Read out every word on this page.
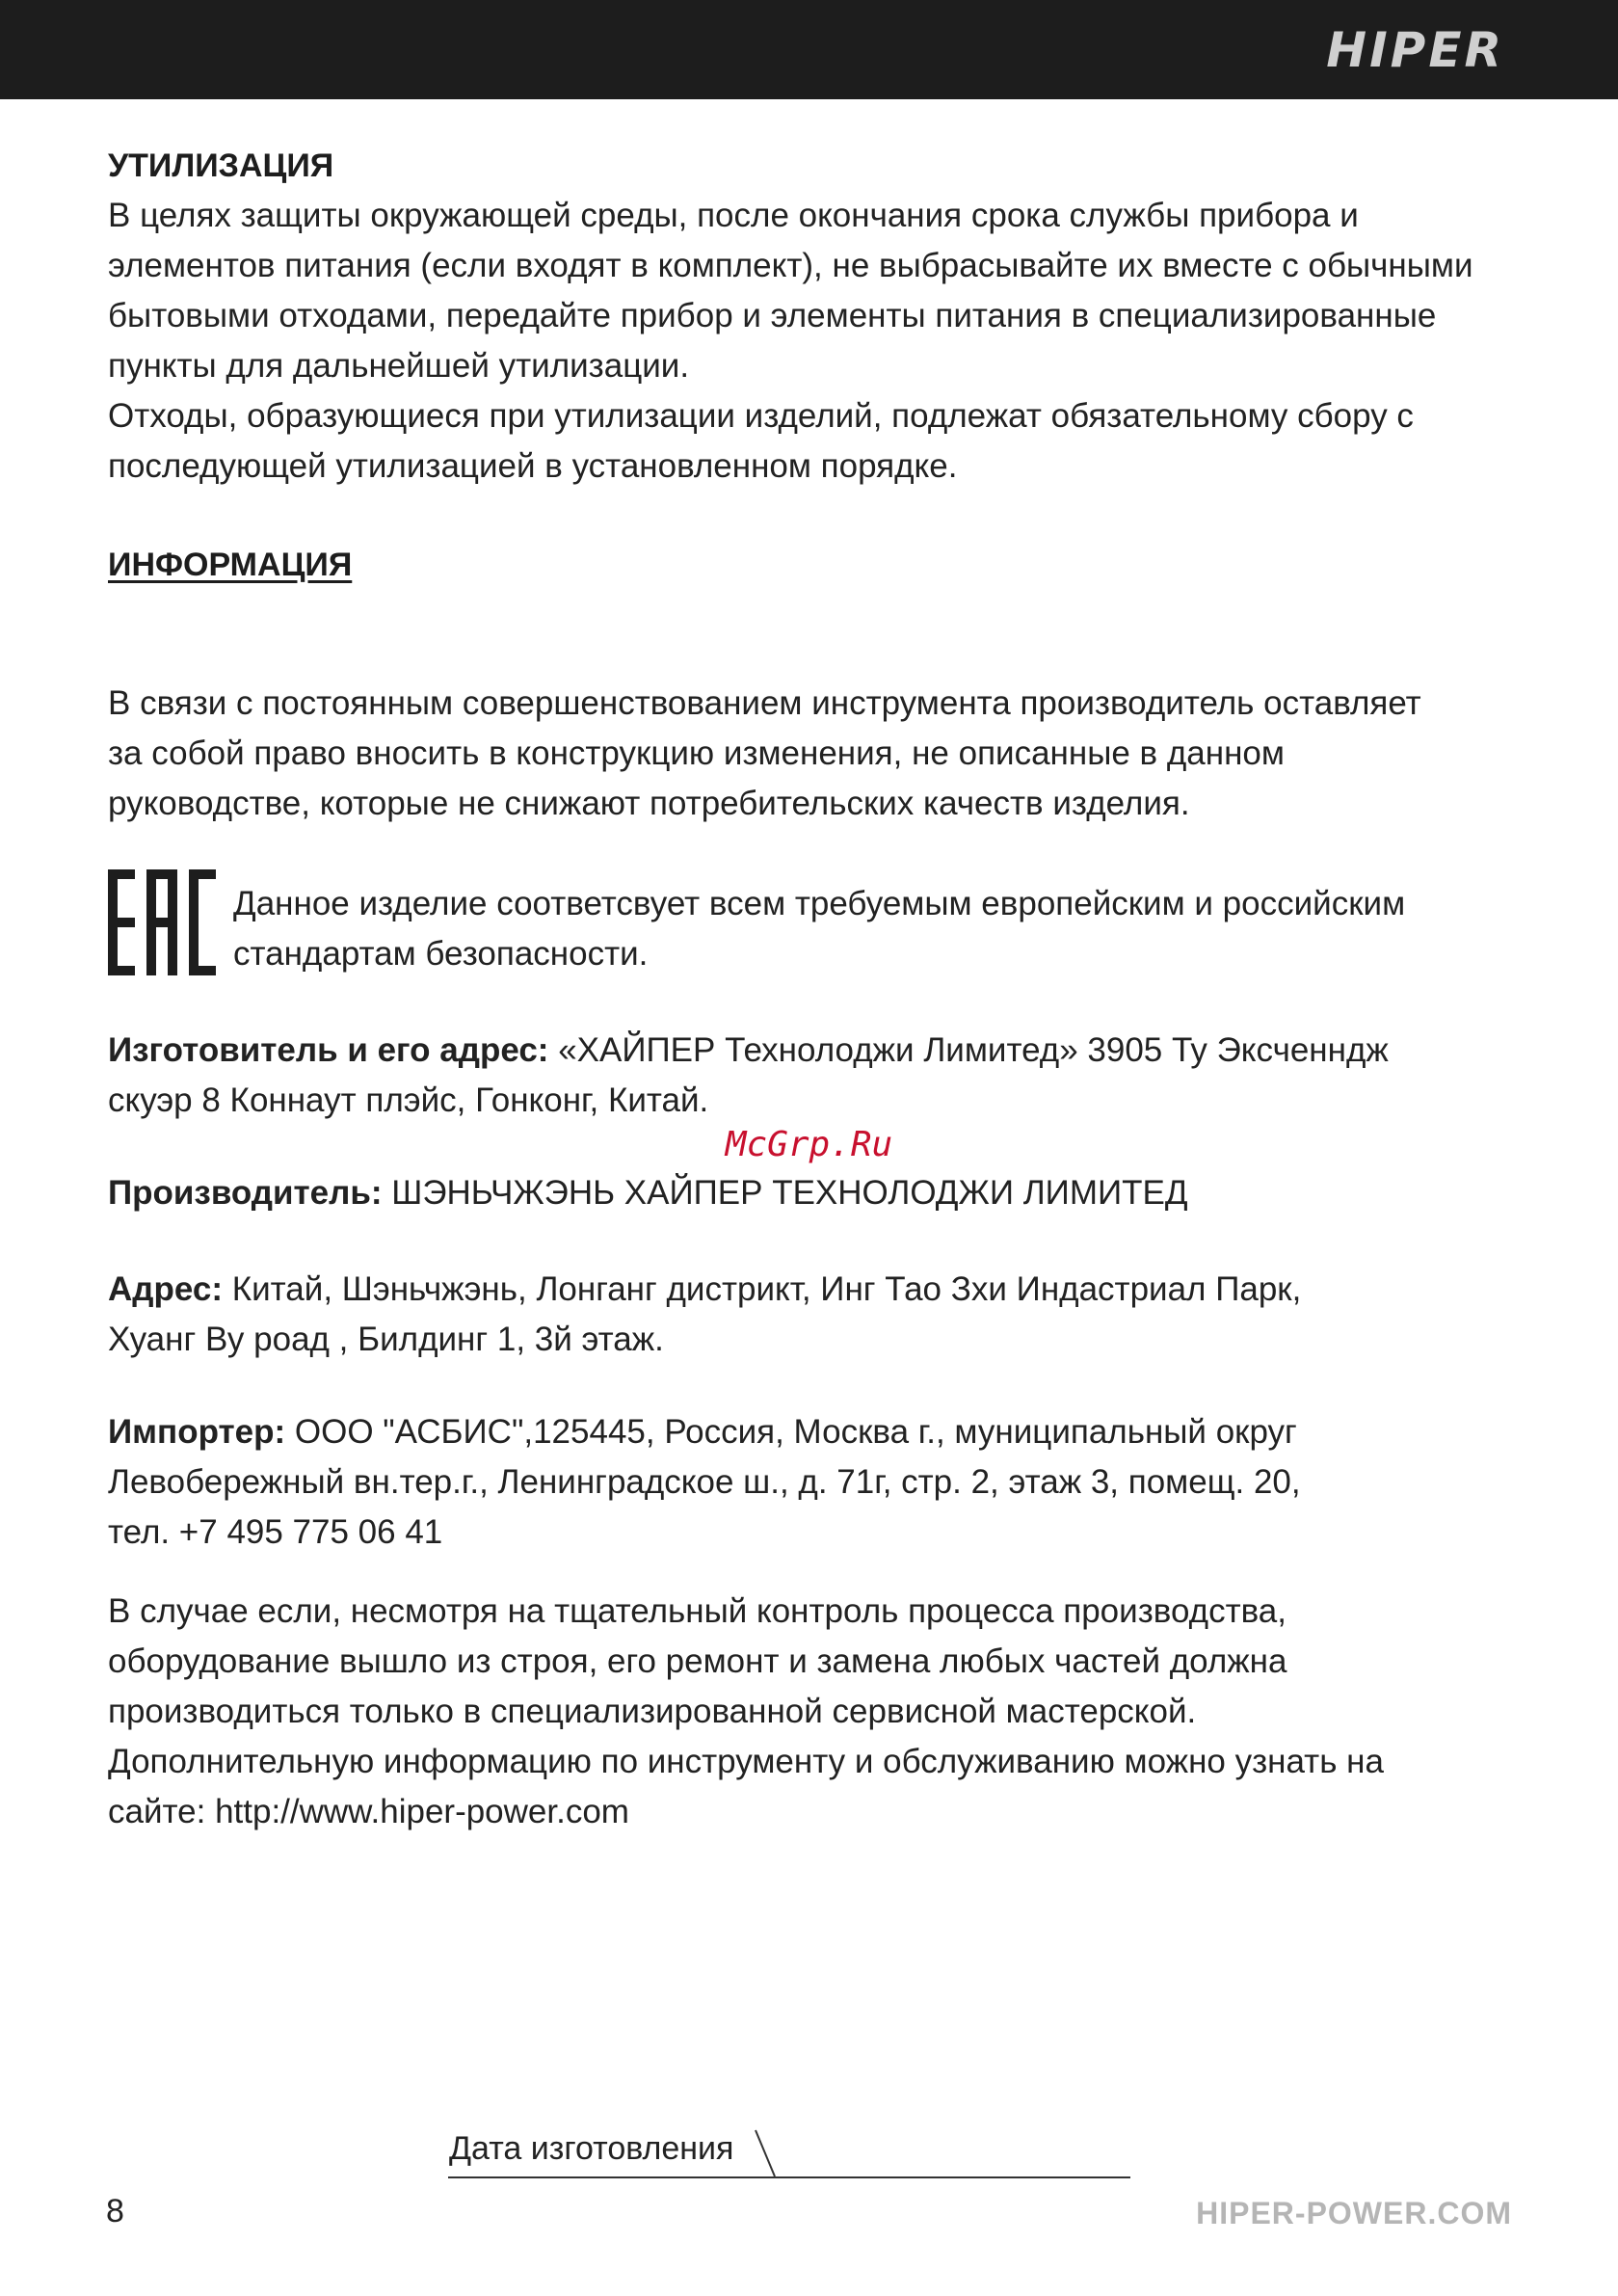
HIPER

УТИЛИЗАЦИЯ

В целях защиты окружающей среды, после окончания срока службы прибора и

элементов питания (если входят в комплект), не выбрасывайте их вместе с обычными

бытовыми отходами, передайте прибор и элементы питания в специализированные

пункты для дальнейшей утилизации.

Отходы, образующиеся при утилизации изделий, подлежат обязательному сбору с

последующей утилизацией в установленном порядке.

ИНФОРМАЦИЯ

В связи с постоянным совершенствованием инструмента производитель оставляет

за собой право вносить в конструкцию изменения, не описанные в данном

руководстве, которые не снижают потребительских качеств изделия.

Данное изделие соответсвует всем требуемым европейским и российским

стандартам безопасности.

Изготовитель и его адрес: «ХАЙПЕР Технолоджи Лимитед» 3905 Ту Эксченндж

скуэр 8 Коннаут плэйс, Гонконг, Китай.

McGrp.Ru

Производитель: ШЭНЬЧЖЭНЬ ХАЙПЕР ТЕХНОЛОДЖИ ЛИМИТЕД

Адрес: Китай, Шэньчжэнь, Лонганг дистрикт, Инг Тао Зхи Индастриал Парк,

Хуанг Ву роад , Билдинг 1, 3й этаж.

Импортер: ООО "АСБИС",125445, Россия, Москва г., муниципальный округ

Левобережный вн.тер.г., Ленинградское ш., д. 71г, стр. 2, этаж 3, помещ. 20,

тел. +7 495 775 06 41

В случае если, несмотря на тщательный контроль процесса производства,

оборудование вышло из строя, его ремонт и замена любых частей должна

производиться только в специализированной сервисной мастерской.

Дополнительную информацию по инструменту и обслуживанию можно узнать на

сайте: http://www.hiper-power.com

Дата изготовления
8	HIPER-POWER.COM
